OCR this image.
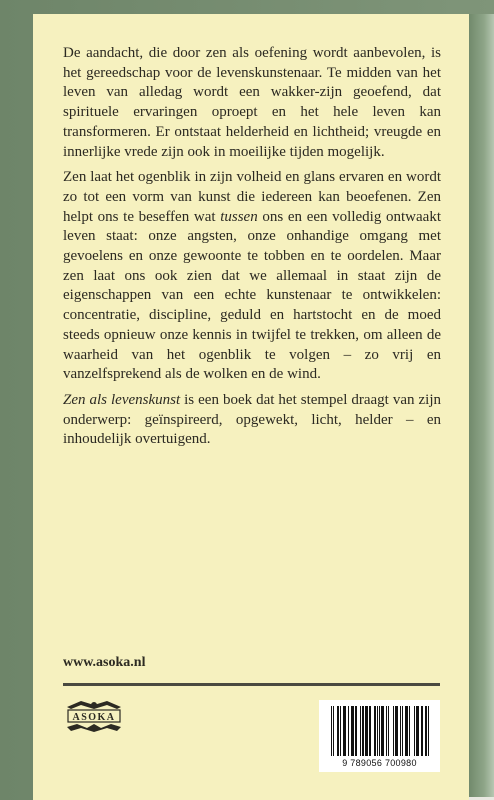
De aandacht, die door zen als oefening wordt aanbevolen, is het gereedschap voor de levenskunstenaar. Te midden van het leven van alledag wordt een wakker-zijn geoefend, dat spirituele ervaringen oproept en het hele leven kan transformeren. Er ontstaat helderheid en lichtheid; vreugde en innerlijke vrede zijn ook in moeilijke tijden mogelijk.

Zen laat het ogenblik in zijn volheid en glans ervaren en wordt zo tot een vorm van kunst die iedereen kan beoefenen. Zen helpt ons te beseffen wat tussen ons en een volledig ontwaakt leven staat: onze angsten, onze onhandige omgang met gevoelens en onze gewoonte te tobben en te oordelen. Maar zen laat ons ook zien dat we allemaal in staat zijn de eigenschappen van een echte kunstenaar te ontwikkelen: concentratie, discipline, geduld en hartstocht en de moed steeds opnieuw onze kennis in twijfel te trekken, om alleen de waarheid van het ogenblik te volgen – zo vrij en vanzelfsprekend als de wolken en de wind.

Zen als levenskunst is een boek dat het stempel draagt van zijn onderwerp: geïnspireerd, opgewekt, licht, helder – en inhoudelijk overtuigend.

www.asoka.nl
ASOKA
9 789056 700980
